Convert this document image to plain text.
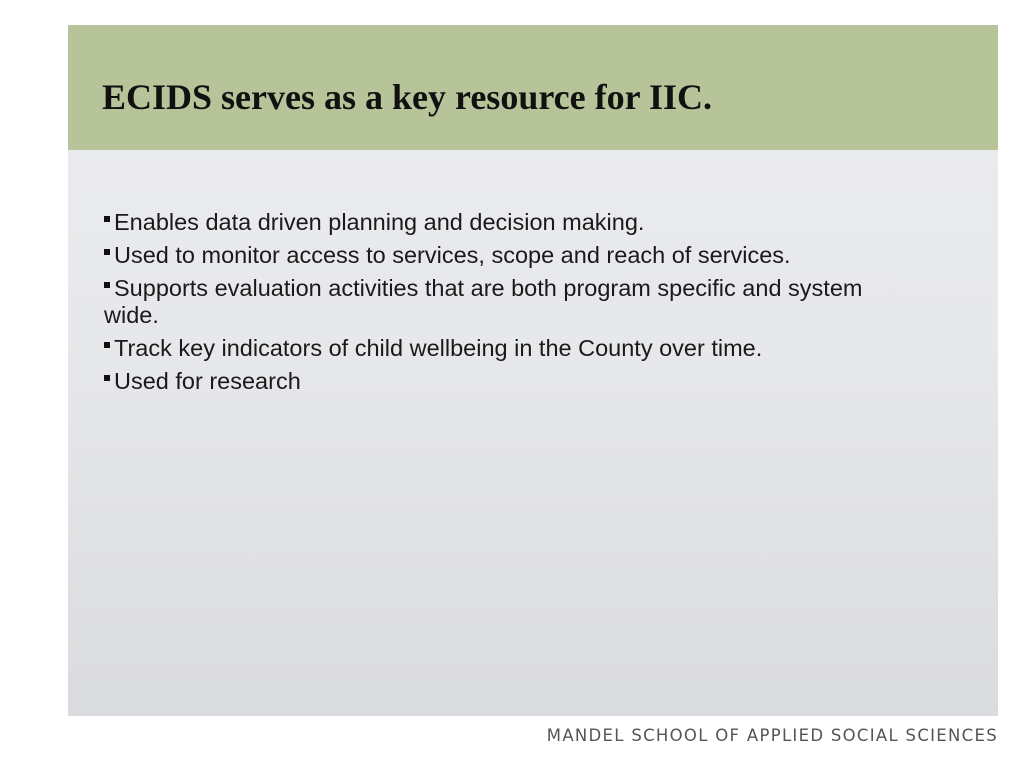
ECIDS serves as a key resource for IIC.
Enables data driven planning and decision making.
Used to monitor access to services, scope and reach of services.
Supports evaluation activities that are both program specific and system wide.
Track key indicators of child wellbeing in the County over time.
Used for research

MANDEL SCHOOL OF APPLIED SOCIAL SCIENCES
